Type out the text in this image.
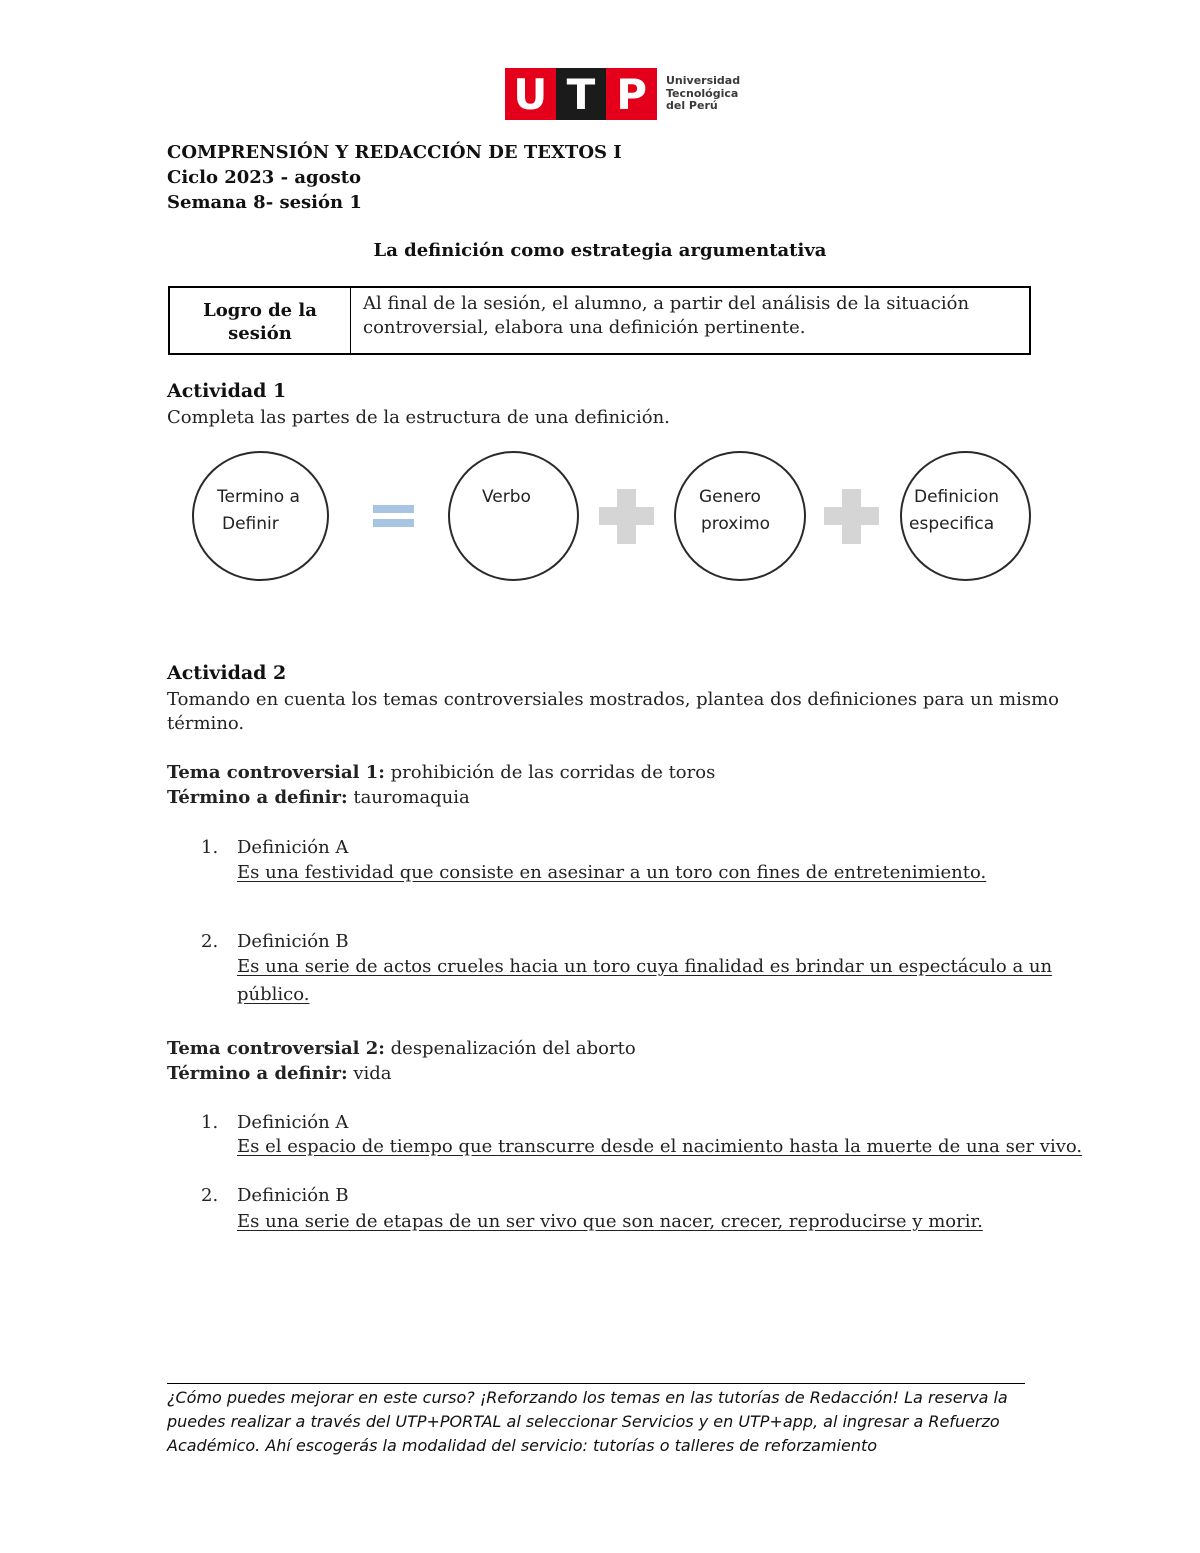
U T P	Universidad
Tecnológica
del Perú
COMPRENSIÓN Y REDACCIÓN DE TEXTOS I
Ciclo 2023 - agosto
Semana 8- sesión 1
La definición como estrategia argumentativa
Logro de la
sesión
Al final de la sesión, el alumno, a partir del análisis de la situación
controversial, elabora una definición pertinente.
Actividad 1
Completa las partes de la estructura de una definición.
Termino a
Definir
Verbo	Genero
proximo
Definicion
especifica
Actividad 2
Tomando en cuenta los temas controversiales mostrados, plantea dos definiciones para un mismo
término.
Tema controversial 1: prohibición de las corridas de toros
Término a definir: tauromaquia
1. Definición A
Es una festividad que consiste en asesinar a un toro con fines de entretenimiento.
2. Definición B
Es una serie de actos crueles hacia un toro cuya finalidad es brindar un espectáculo a un
público.
Tema controversial 2: despenalización del aborto
Término a definir: vida
1. Definición A
Es el espacio de tiempo que transcurre desde el nacimiento hasta la muerte de una ser vivo.
2. Definición B
Es una serie de etapas de un ser vivo que son nacer, crecer, reproducirse y morir.
¿Cómo puedes mejorar en este curso? ¡Reforzando los temas en las tutorías de Redacción! La reserva la
puedes realizar a través del UTP+PORTAL al seleccionar Servicios y en UTP+app, al ingresar a Refuerzo
Académico. Ahí escogerás la modalidad del servicio: tutorías o talleres de reforzamiento
